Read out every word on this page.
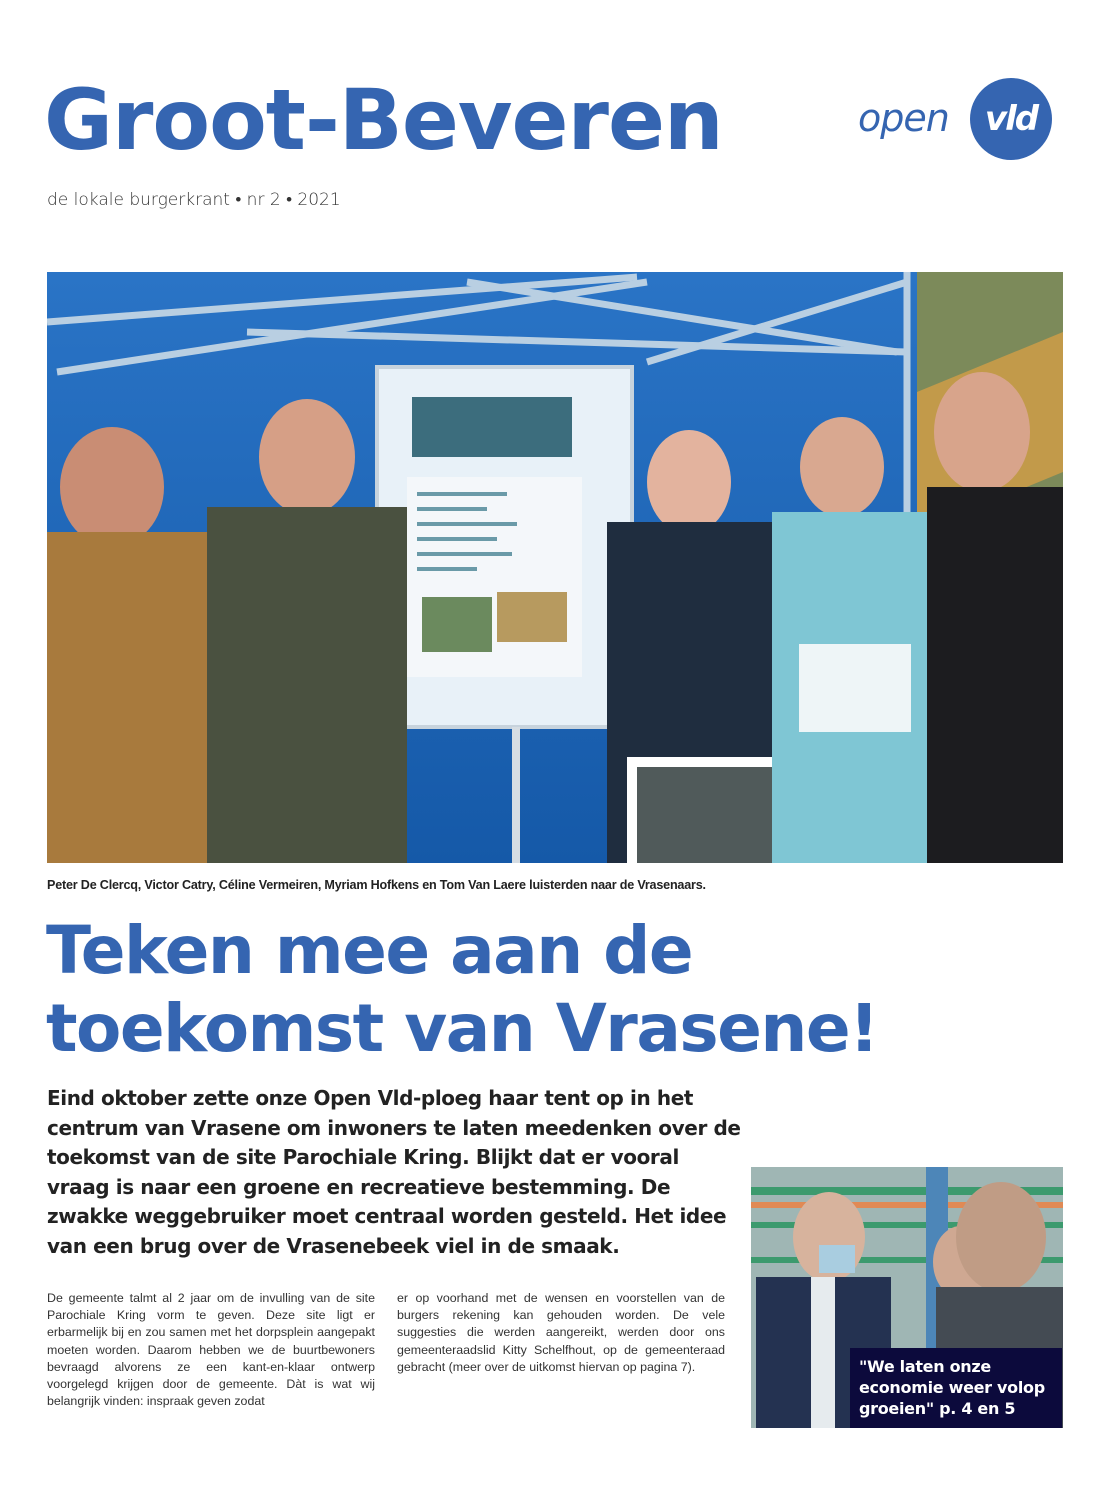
Groot-Beveren
de lokale burgerkrant • nr 2 • 2021
open vld
Peter De Clercq, Victor Catry, Céline Vermeiren, Myriam Hofkens en Tom Van Laere luisterden naar de Vrasenaars.
Teken mee aan de
toekomst van Vrasene!
Eind oktober zette onze Open Vld-ploeg haar tent op in het centrum van Vrasene om inwoners te laten meedenken over de toekomst van de site Parochiale Kring. Blijkt dat er vooral vraag is naar een groene en recreatieve bestemming. De zwakke weggebruiker moet centraal worden gesteld. Het idee van een brug over de Vrasenebeek viel in de smaak.
De gemeente talmt al 2 jaar om de invulling van de site Parochiale Kring vorm te geven. Deze site ligt er erbarmelijk bij en zou samen met het dorpsplein aangepakt moeten worden. Daarom hebben we de buurtbewoners bevraagd alvorens ze een kant-en-klaar ontwerp voorgelegd krijgen door de gemeente. Dàt is wat wij belangrijk vinden: inspraak geven zodat
er op voorhand met de wensen en voorstellen van de burgers rekening kan gehouden worden. De vele suggesties die werden aangereikt, werden door ons gemeenteraadslid Kitty Schelfhout, op de gemeenteraad gebracht (meer over de uitkomst hiervan op pagina 7).	"We laten onze economie weer volop groeien" p. 4 en 5
